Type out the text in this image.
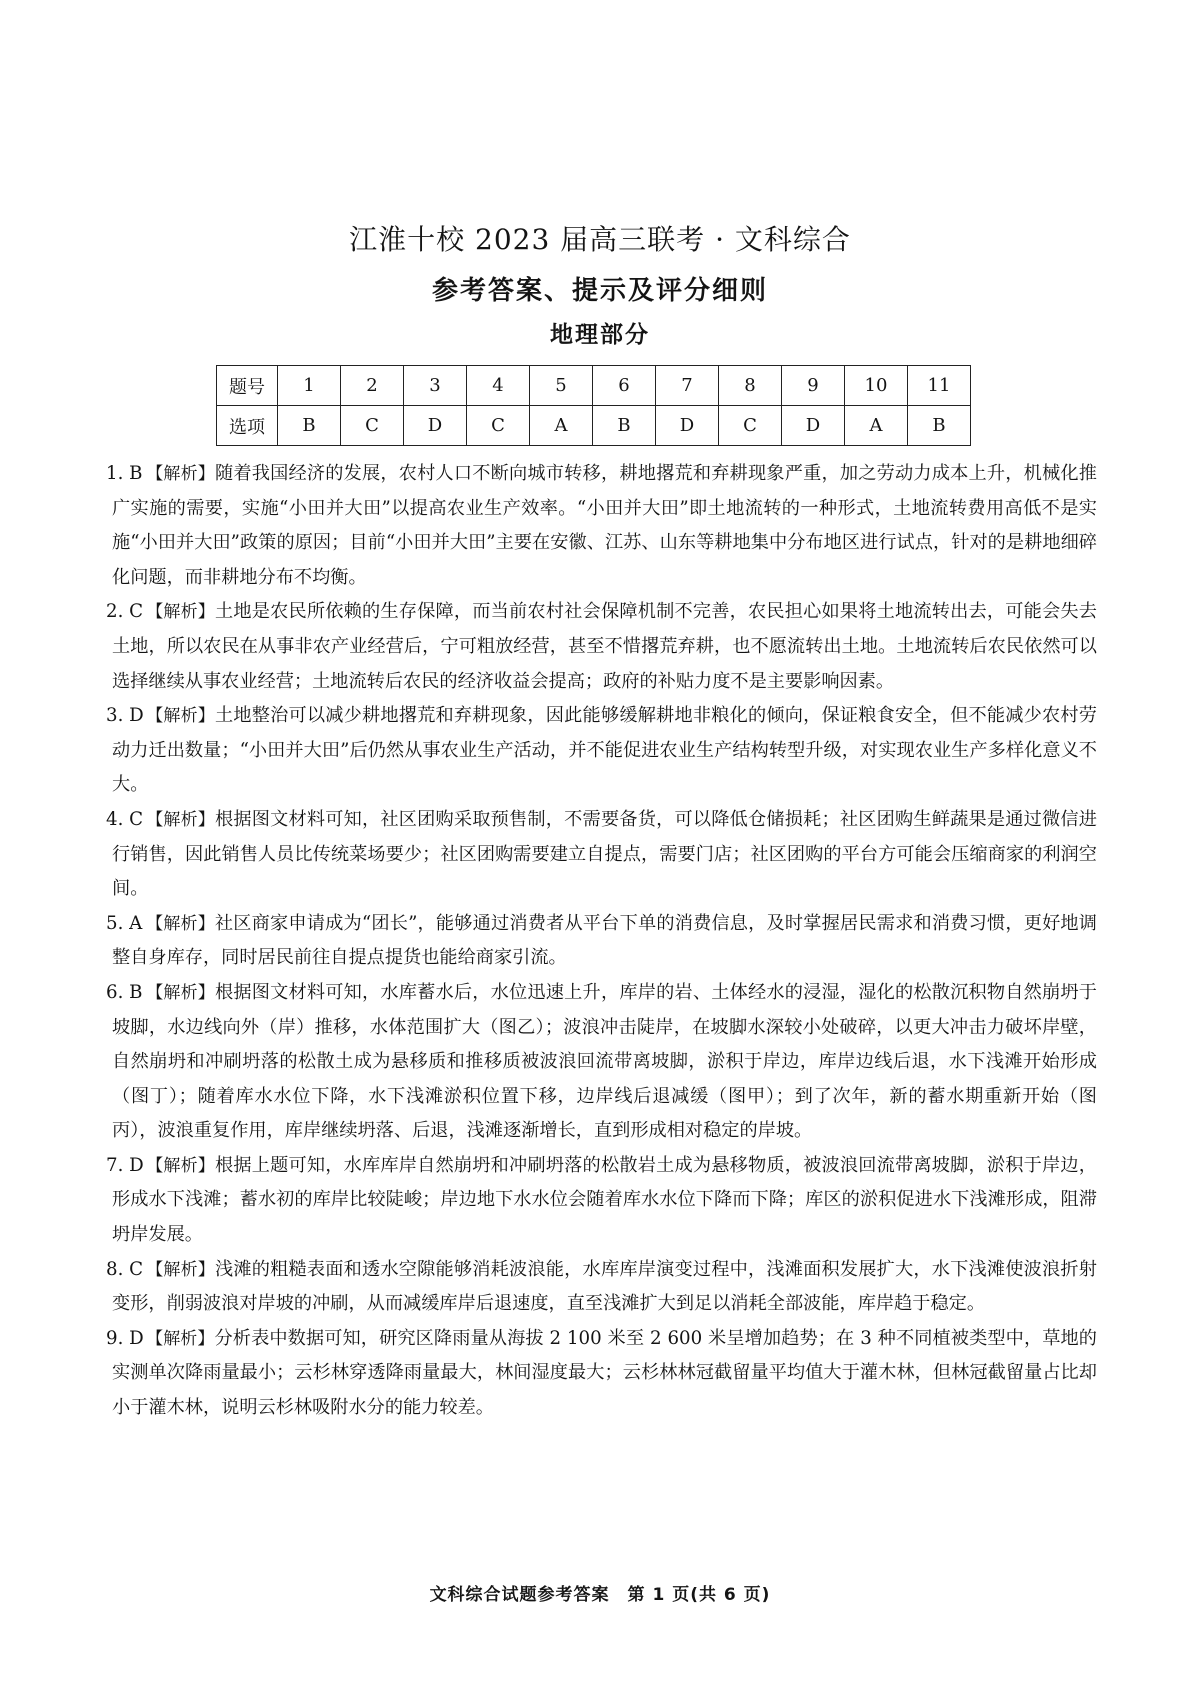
江淮十校 2023 届高三联考 · 文科综合
参考答案、提示及评分细则
地理部分
题号	1	2	3	4	5	6	7	8	9	10	11
选项	B	C	D	C	A	B	D	C	D	A	B

1. B 【解析】随着我国经济的发展，农村人口不断向城市转移，耕地撂荒和弃耕现象严重，加之劳动力成本上升，机械化推广实施的需要，实施“小田并大田”以提高农业生产效率。“小田并大田”即土地流转的一种形式，土地流转费用高低不是实施“小田并大田”政策的原因；目前“小田并大田”主要在安徽、江苏、山东等耕地集中分布地区进行试点，针对的是耕地细碎化问题，而非耕地分布不均衡。

2. C 【解析】土地是农民所依赖的生存保障，而当前农村社会保障机制不完善，农民担心如果将土地流转出去，可能会失去土地，所以农民在从事非农产业经营后，宁可粗放经营，甚至不惜撂荒弃耕，也不愿流转出土地。土地流转后农民依然可以选择继续从事农业经营；土地流转后农民的经济收益会提高；政府的补贴力度不是主要影响因素。

3. D 【解析】土地整治可以减少耕地撂荒和弃耕现象，因此能够缓解耕地非粮化的倾向，保证粮食安全，但不能减少农村劳动力迁出数量；“小田并大田”后仍然从事农业生产活动，并不能促进农业生产结构转型升级，对实现农业生产多样化意义不大。

4. C 【解析】根据图文材料可知，社区团购采取预售制，不需要备货，可以降低仓储损耗；社区团购生鲜蔬果是通过微信进行销售，因此销售人员比传统菜场要少；社区团购需要建立自提点，需要门店；社区团购的平台方可能会压缩商家的利润空间。

5. A 【解析】社区商家申请成为“团长”，能够通过消费者从平台下单的消费信息，及时掌握居民需求和消费习惯，更好地调整自身库存，同时居民前往自提点提货也能给商家引流。

6. B 【解析】根据图文材料可知，水库蓄水后，水位迅速上升，库岸的岩、土体经水的浸湿，湿化的松散沉积物自然崩坍于坡脚，水边线向外（岸）推移，水体范围扩大（图乙）；波浪冲击陡岸，在坡脚水深较小处破碎，以更大冲击力破坏岸壁，自然崩坍和冲刷坍落的松散土成为悬移质和推移质被波浪回流带离坡脚，淤积于岸边，库岸边线后退，水下浅滩开始形成（图丁）；随着库水水位下降，水下浅滩淤积位置下移，边岸线后退减缓（图甲）；到了次年，新的蓄水期重新开始（图丙），波浪重复作用，库岸继续坍落、后退，浅滩逐渐增长，直到形成相对稳定的岸坡。

7. D 【解析】根据上题可知，水库库岸自然崩坍和冲刷坍落的松散岩土成为悬移物质，被波浪回流带离坡脚，淤积于岸边，形成水下浅滩；蓄水初的库岸比较陡峻；岸边地下水水位会随着库水水位下降而下降；库区的淤积促进水下浅滩形成，阻滞坍岸发展。

8. C 【解析】浅滩的粗糙表面和透水空隙能够消耗波浪能，水库库岸演变过程中，浅滩面积发展扩大，水下浅滩使波浪折射变形，削弱波浪对岸坡的冲刷，从而减缓库岸后退速度，直至浅滩扩大到足以消耗全部波能，库岸趋于稳定。

9. D 【解析】分析表中数据可知，研究区降雨量从海拔 2 100 米至 2 600 米呈增加趋势；在 3 种不同植被类型中，草地的实测单次降雨量最小；云杉林穿透降雨量最大，林间湿度最大；云杉林林冠截留量平均值大于灌木林，但林冠截留量占比却小于灌木林，说明云杉林吸附水分的能力较差。

文科综合试题参考答案　第 1 页(共 6 页)
